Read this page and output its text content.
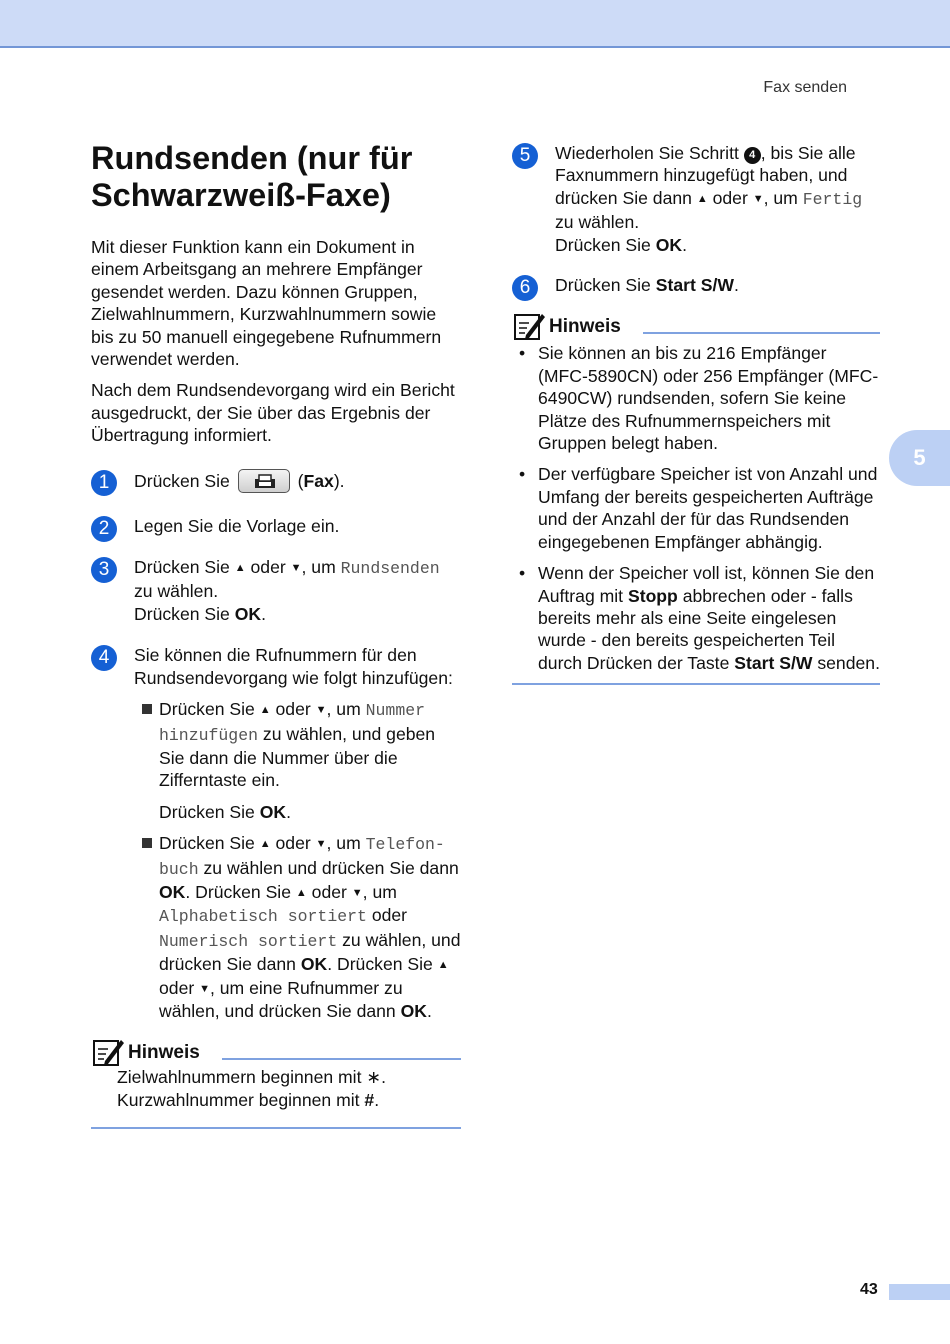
Fax senden
Rundsenden (nur für Schwarzweiß-Faxe)

Mit dieser Funktion kann ein Dokument in einem Arbeitsgang an mehrere Empfänger gesendet werden. Dazu können Gruppen, Zielwahlnummern, Kurzwahlnummern sowie bis zu 50 manuell eingegebene Rufnummern verwendet werden.

Nach dem Rundsendevorgang wird ein Bericht ausgedruckt, der Sie über das Ergebnis der Übertragung informiert.

1	Drücken Sie	(Fax).
2	Legen Sie die Vorlage ein.
3	Drücken Sie ▲ oder ▼, um Rundsenden
zu wählen.
Drücken Sie OK.
4	Sie können die Rufnummern für den Rundsendevorgang wie folgt hinzufügen:

Drücken Sie ▲ oder ▼, um Nummer hinzufügen zu wählen, und geben Sie dann die Nummer über die Zifferntaste ein.

Drücken Sie OK.

Drücken Sie ▲ oder ▼, um Telefon-buch zu wählen und drücken Sie dann OK. Drücken Sie ▲ oder ▼, um Alphabetisch sortiert oder Numerisch sortiert zu wählen, und drücken Sie dann OK. Drücken Sie ▲ oder ▼, um eine Rufnummer zu wählen, und drücken Sie dann OK.

Hinweis
Zielwahlnummern beginnen mit ∗.
Kurzwahlnummer beginnen mit #.
5	Wiederholen Sie Schritt 4 , bis Sie alle Faxnummern hinzugefügt haben, und drücken Sie dann ▲ oder ▼, um Fertig
zu wählen.
Drücken Sie OK.
6	Drücken Sie Start S/W.
Hinweis
• Sie können an bis zu 216 Empfänger (MFC-5890CN) oder 256 Empfänger (MFC-6490CW) rundsenden, sofern Sie keine Plätze des Rufnummernspeichers mit Gruppen belegt haben.
• Der verfügbare Speicher ist von Anzahl und Umfang der bereits gespeicherten Aufträge und der Anzahl der für das Rundsenden eingegebenen Empfänger abhängig.
• Wenn der Speicher voll ist, können Sie den Auftrag mit Stopp abbrechen oder - falls bereits mehr als eine Seite eingelesen wurde - den bereits gespeicherten Teil durch Drücken der Taste Start S/W senden.
5
43
